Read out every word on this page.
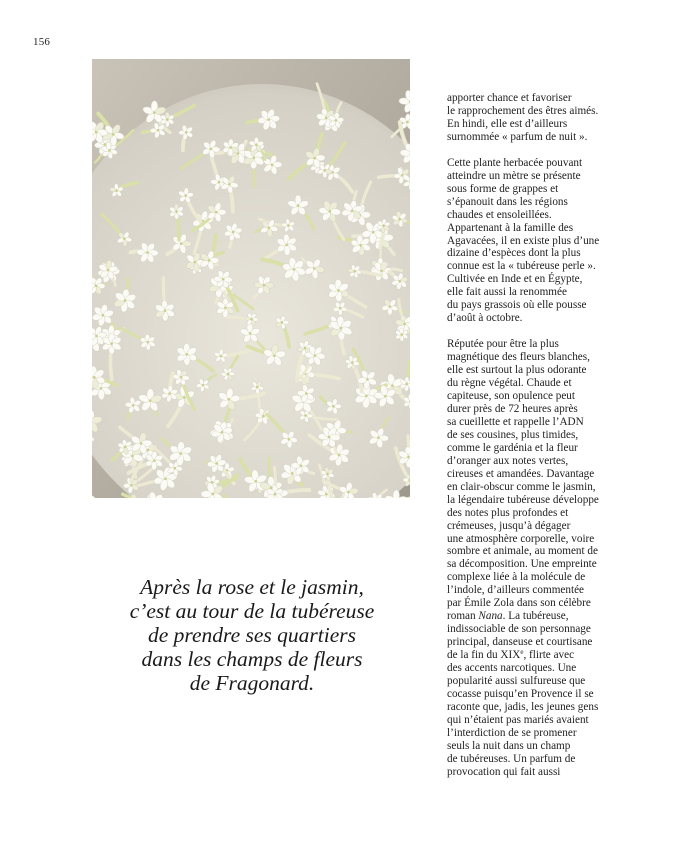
156
Après la rose et le jasmin,
c’est au tour de la tubéreuse
de prendre ses quartiers
dans les champs de fleurs
de Fragonard.

apporter chance et favoriser
le rapprochement des êtres aimés.
En hindi, elle est d’ailleurs
surnommée « parfum de nuit ».

Cette plante herbacée pouvant
atteindre un mètre se présente
sous forme de grappes et
s’épanouit dans les régions
chaudes et ensoleillées.
Appartenant à la famille des
Agavacées, il en existe plus d’une
dizaine d’espèces dont la plus
connue est la « tubéreuse perle ».
Cultivée en Inde et en Égypte,
elle fait aussi la renommée
du pays grassois où elle pousse
d’août à octobre.

Réputée pour être la plus
magnétique des fleurs blanches,
elle est surtout la plus odorante
du règne végétal. Chaude et
capiteuse, son opulence peut
durer près de 72 heures après
sa cueillette et rappelle l’ADN
de ses cousines, plus timides,
comme le gardénia et la fleur
d’oranger aux notes vertes,
cireuses et amandées. Davantage
en clair-obscur comme le jasmin,
la légendaire tubéreuse développe
des notes plus profondes et
crémeuses, jusqu’à dégager
une atmosphère corporelle, voire
sombre et animale, au moment de
sa décomposition. Une empreinte
complexe liée à la molécule de
l’indole, d’ailleurs commentée
par Émile Zola dans son célèbre
roman Nana. La tubéreuse,
indissociable de son personnage
principal, danseuse et courtisane
de la fin du XIXe, flirte avec
des accents narcotiques. Une
popularité aussi sulfureuse que
cocasse puisqu’en Provence il se
raconte que, jadis, les jeunes gens
qui n’étaient pas mariés avaient
l’interdiction de se promener
seuls la nuit dans un champ
de tubéreuses. Un parfum de
provocation qui fait aussi
